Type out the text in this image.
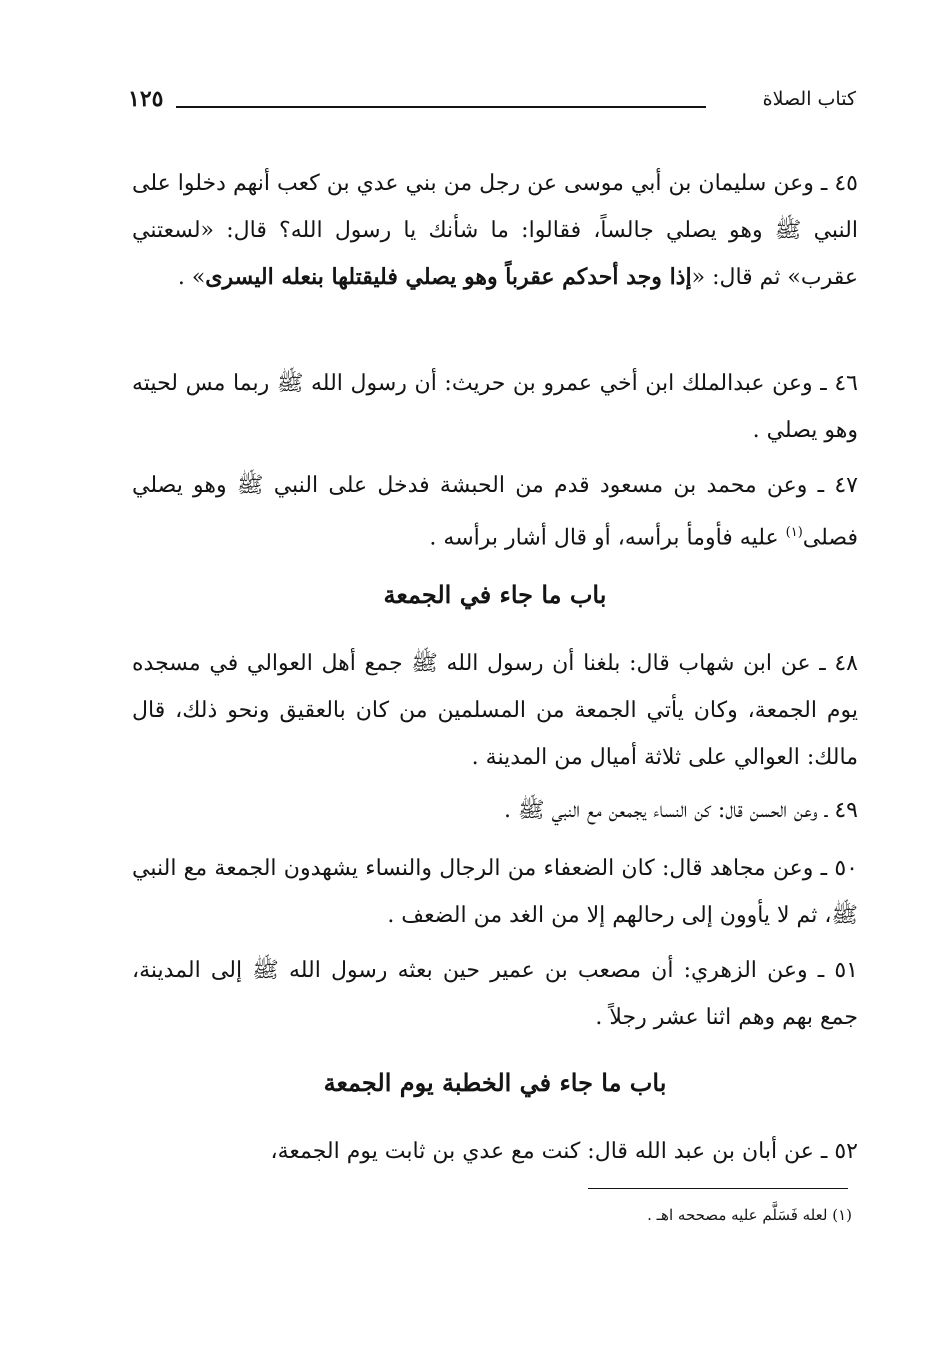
كتاب الصلاة
١٢٥

٤٥ ـ وعن سليمان بن أبي موسى عن رجل من بني عدي بن كعب أنهم دخلوا على النبي ﷺ وهو يصلي جالساً، فقالوا: ما شأنك يا رسول الله؟ قال: «لسعتني عقرب» ثم قال: «إذا وجد أحدكم عقرباً وهو يصلي فليقتلها بنعله اليسرى» .

٤٦ ـ وعن عبدالملك ابن أخي عمرو بن حريث: أن رسول الله ﷺ ربما مس لحيته وهو يصلي .

٤٧ ـ وعن محمد بن مسعود قدم من الحبشة فدخل على النبي ﷺ وهو يصلي فصلى$^{(١)}$ عليه فأومأ برأسه، أو قال أشار برأسه .

باب ما جاء في الجمعة

٤٨ ـ عن ابن شهاب قال: بلغنا أن رسول الله ﷺ جمع أهل العوالي في مسجده يوم الجمعة، وكان يأتي الجمعة من المسلمين من كان بالعقيق ونحو ذلك، قال مالك: العوالي على ثلاثة أميال من المدينة .

٤٩ ـ وعن الحسن قال: كن النساء يجمعن مع النبي ﷺ .

٥٠ ـ وعن مجاهد قال: كان الضعفاء من الرجال والنساء يشهدون الجمعة مع النبي ﷺ، ثم لا يأوون إلى رحالهم إلا من الغد من الضعف .

٥١ ـ وعن الزهري: أن مصعب بن عمير حين بعثه رسول الله ﷺ إلى المدينة، جمع بهم وهم اثنا عشر رجلاً .

باب ما جاء في الخطبة يوم الجمعة

٥٢ ـ عن أبان بن عبد الله قال: كنت مع عدي بن ثابت يوم الجمعة،

(١) لعله فَسَلَّم عليه مصححه اهـ .
